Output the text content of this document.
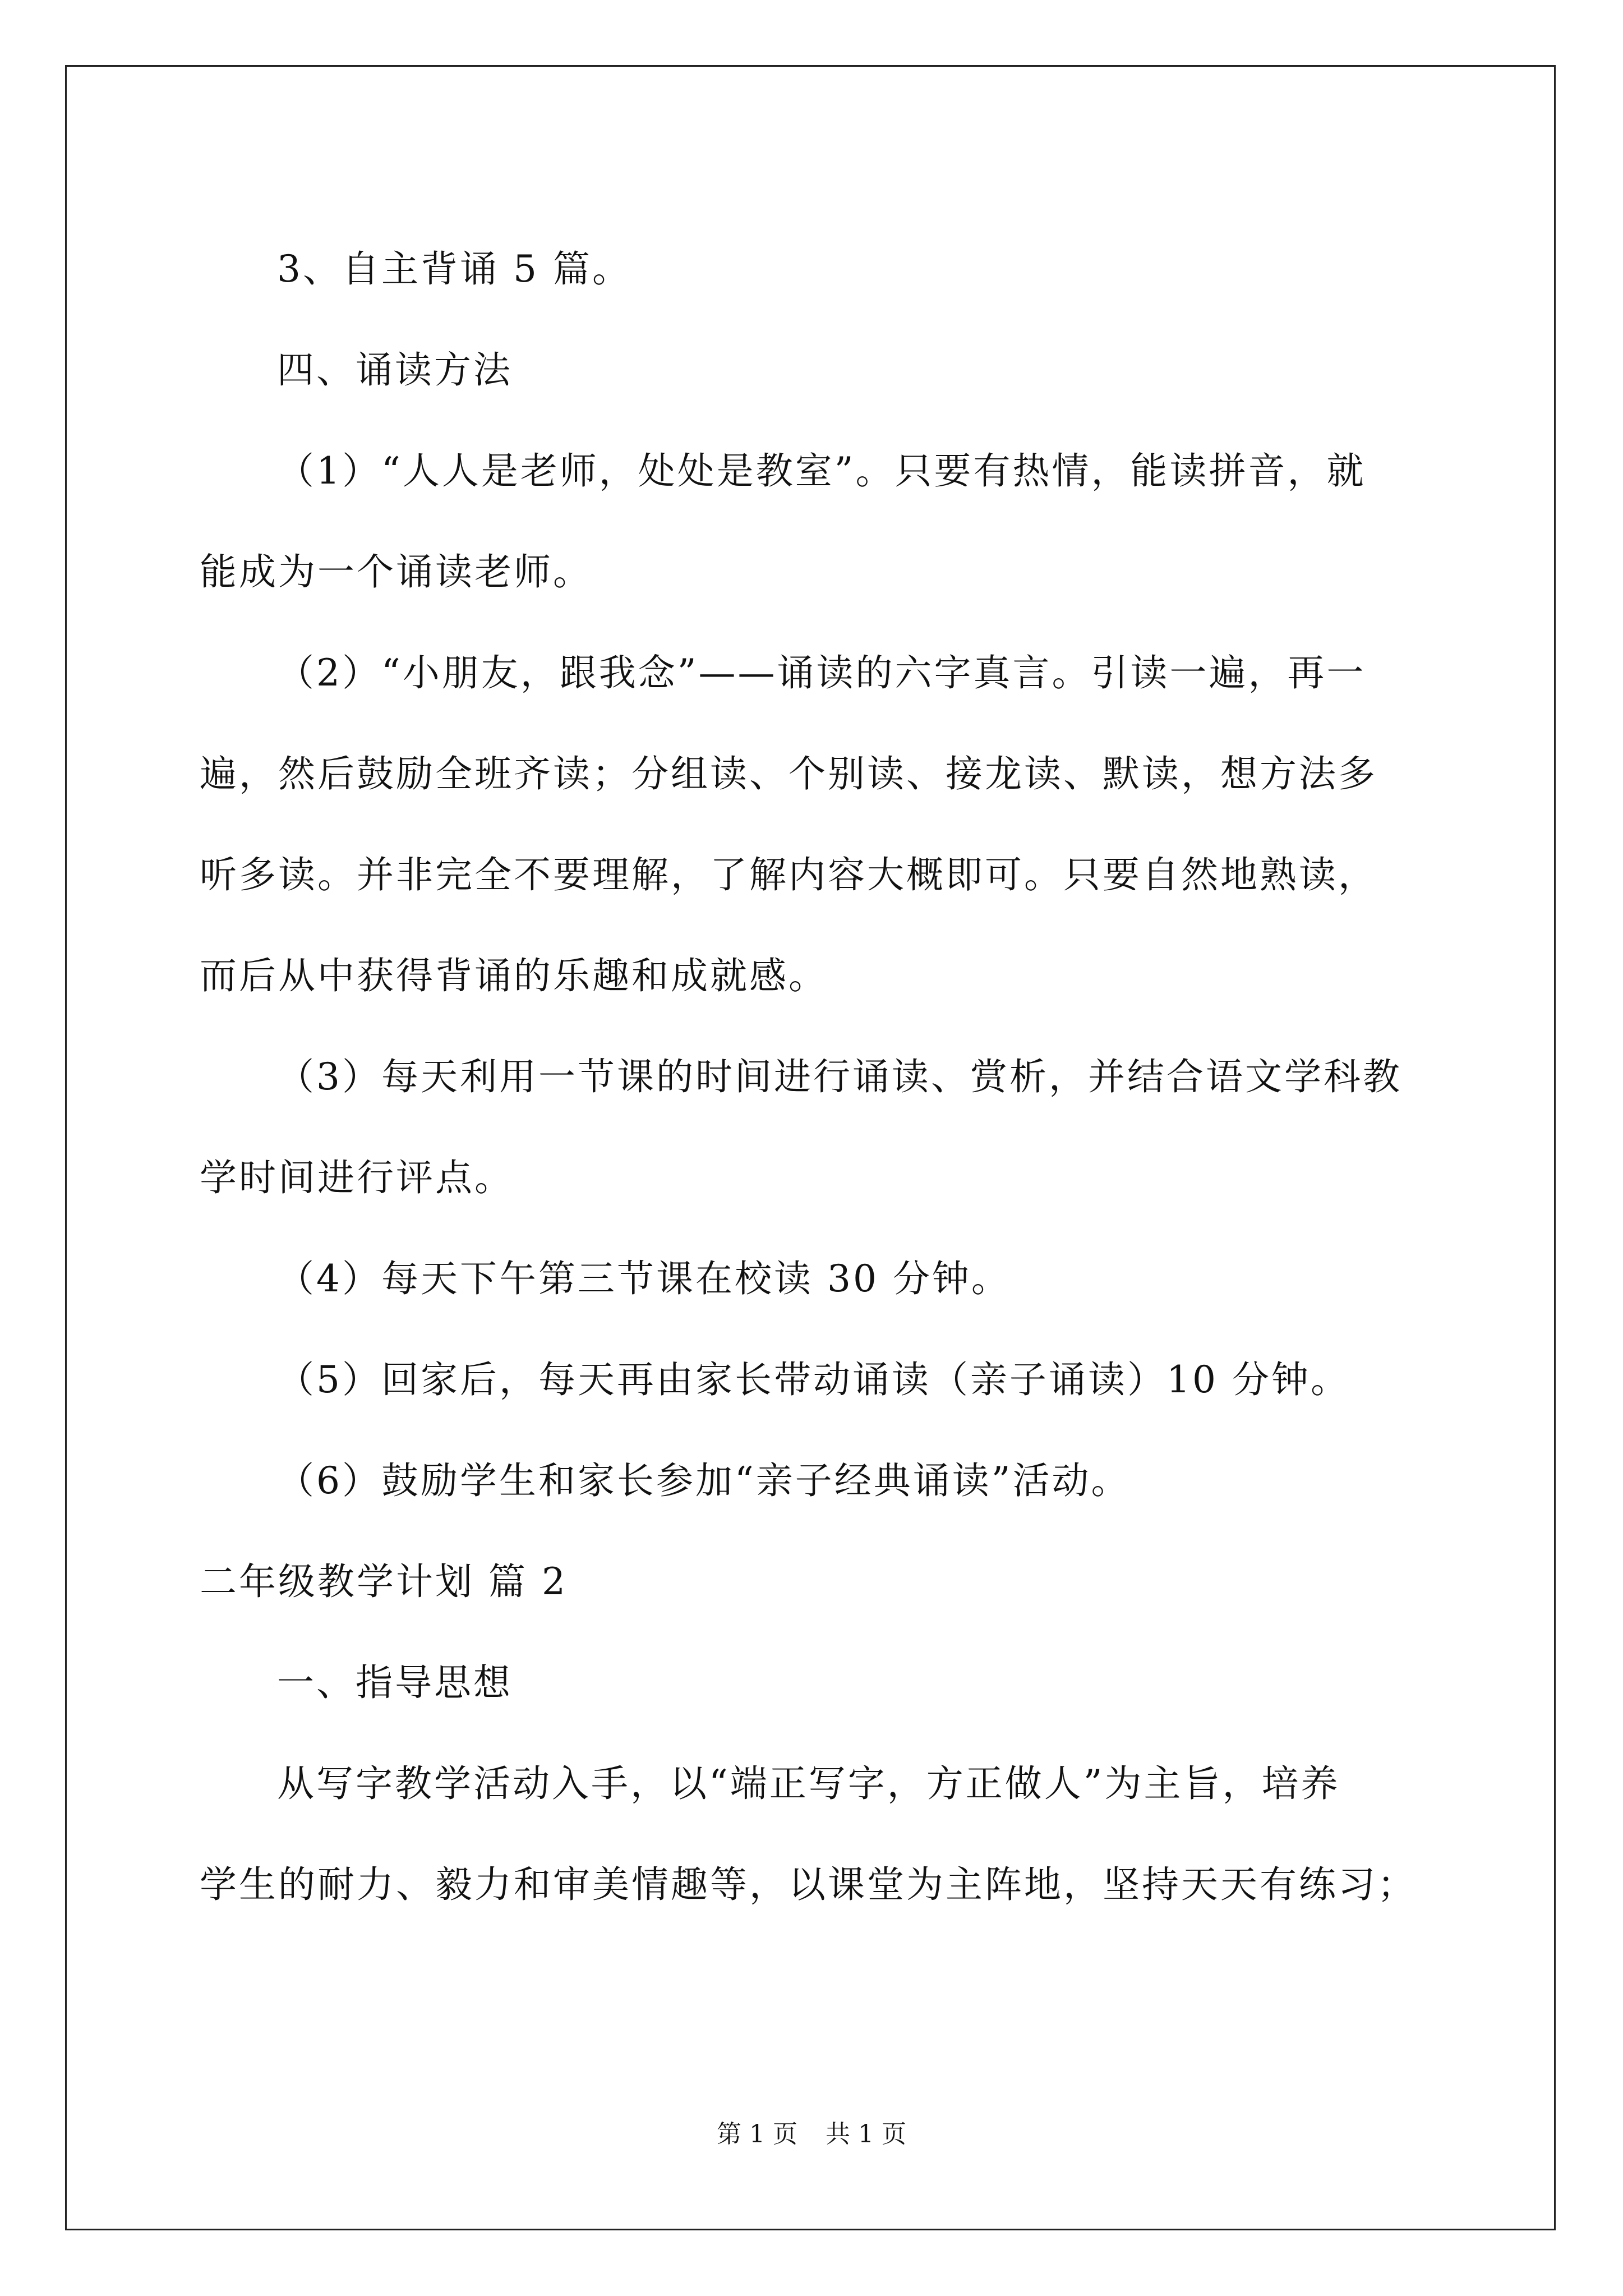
3、自主背诵 5 篇。

四、诵读方法

（1）“人人是老师，处处是教室”。只要有热情，能读拼音，就

能成为一个诵读老师。

（2）“小朋友，跟我念”——诵读的六字真言。引读一遍，再一

遍，然后鼓励全班齐读；分组读、个别读、接龙读、默读，想方法多

听多读。并非完全不要理解，了解内容大概即可。只要自然地熟读，

而后从中获得背诵的乐趣和成就感。

（3）每天利用一节课的时间进行诵读、赏析，并结合语文学科教

学时间进行评点。

（4）每天下午第三节课在校读 30 分钟。

（5）回家后，每天再由家长带动诵读（亲子诵读）10 分钟。

（6）鼓励学生和家长参加“亲子经典诵读”活动。

二年级教学计划 篇 2

一、指导思想

从写字教学活动入手，以“端正写字，方正做人”为主旨，培养

学生的耐力、毅力和审美情趣等，以课堂为主阵地，坚持天天有练习；

第 1 页 共 1 页
